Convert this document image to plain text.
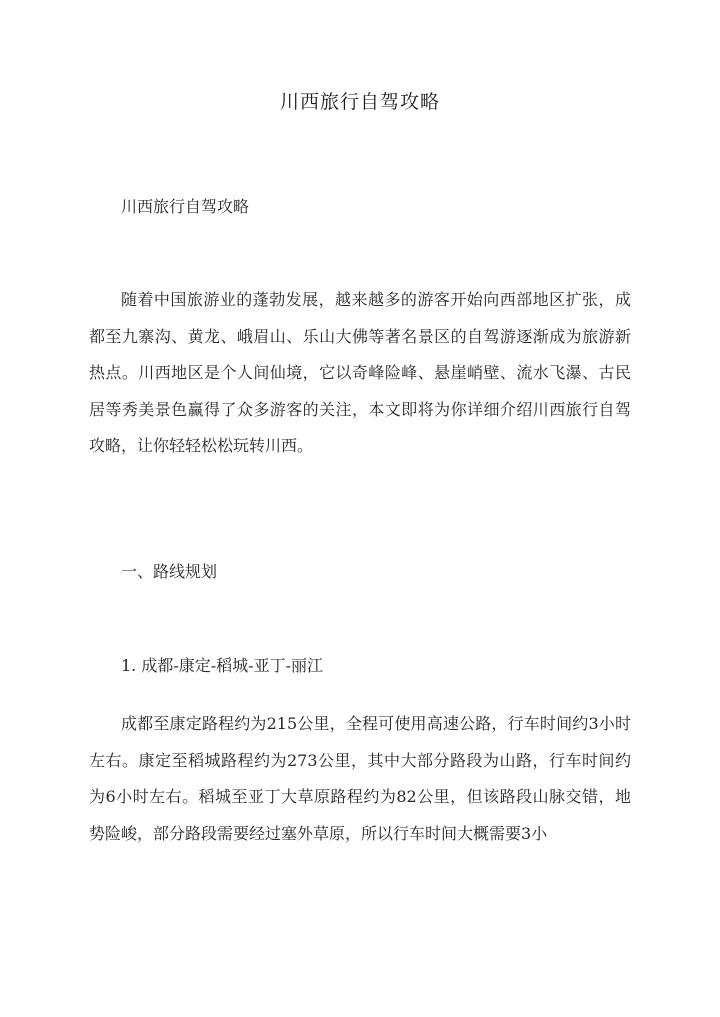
川西旅行自驾攻略
川西旅行自驾攻略

随着中国旅游业的蓬勃发展，越来越多的游客开始向西部地区扩张，成都至九寨沟、黄龙、峨眉山、乐山大佛等著名景区的自驾游逐渐成为旅游新热点。川西地区是个人间仙境，它以奇峰险峰、悬崖峭壁、流水飞瀑、古民居等秀美景色赢得了众多游客的关注，本文即将为你详细介绍川西旅行自驾攻略，让你轻轻松松玩转川西。

一、路线规划
1. 成都-康定-稻城-亚丁-丽江

成都至康定路程约为215公里，全程可使用高速公路，行车时间约3小时左右。康定至稻城路程约为273公里，其中大部分路段为山路，行车时间约为6小时左右。稻城至亚丁大草原路程约为82公里，但该路段山脉交错，地势险峻，部分路段需要经过塞外草原，所以行车时间大概需要3小
